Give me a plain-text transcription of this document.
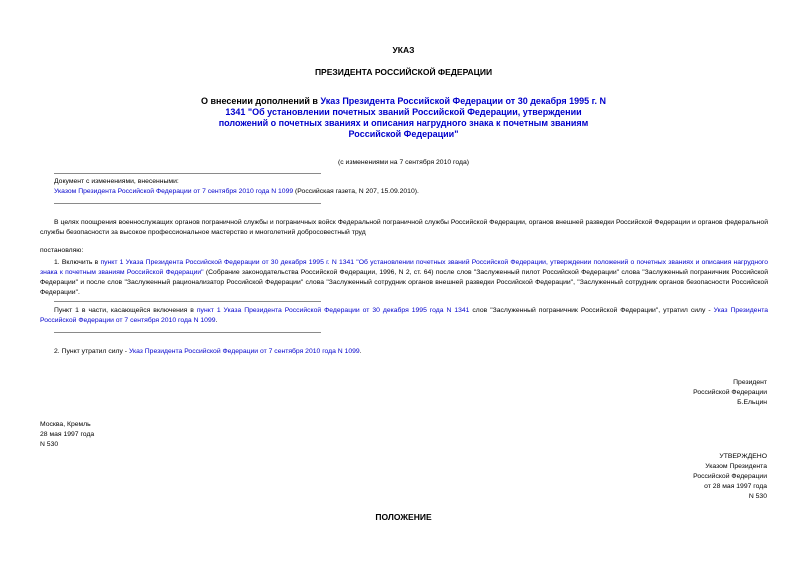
УКАЗ
ПРЕЗИДЕНТА РОССИЙСКОЙ ФЕДЕРАЦИИ
О внесении дополнений в Указ Президента Российской Федерации от 30 декабря 1995 г. N 1341 "Об установлении почетных званий Российской Федерации, утверждении положений о почетных званиях и описания нагрудного знака к почетным званиям Российской Федерации"
(с изменениями на 7 сентября 2010 года)
Документ с изменениями, внесенными:
Указом Президента Российской Федерации от 7 сентября 2010 года N 1099 (Российская газета, N 207, 15.09.2010).
В целях поощрения военнослужащих органов пограничной службы и пограничных войск Федеральной пограничной службы Российской Федерации, органов внешней разведки Российской Федерации и органов федеральной службы безопасности за высокое профессиональное мастерство и многолетний добросовестный труд
постановляю:
1. Включить в пункт 1 Указа Президента Российской Федерации от 30 декабря 1995 г. N 1341 "Об установлении почетных званий Российской Федерации, утверждении положений о почетных званиях и описания нагрудного знака к почетным званиям Российской Федерации" (Собрание законодательства Российской Федерации, 1996, N 2, ст. 64) после слов "Заслуженный пилот Российской Федерации" слова "Заслуженный пограничник Российской Федерации" и после слов "Заслуженный рационализатор Российской Федерации" слова "Заслуженный сотрудник органов внешней разведки Российской Федерации", "Заслуженный сотрудник органов безопасности Российской Федерации".
Пункт 1 в части, касающейся включения в пункт 1 Указа Президента Российской Федерации от 30 декабря 1995 года N 1341 слов "Заслуженный пограничник Российской Федерации", утратил силу - Указ Президента Российской Федерации от 7 сентября 2010 года N 1099.
2. Пункт утратил силу - Указ Президента Российской Федерации от 7 сентября 2010 года N 1099.
Президент
Российской Федерации
Б.Ельцин
Москва, Кремль
28 мая 1997 года
N 530
УТВЕРЖДЕНО
Указом Президента
Российской Федерации
от 28 мая 1997 года
N 530
ПОЛОЖЕНИЕ
